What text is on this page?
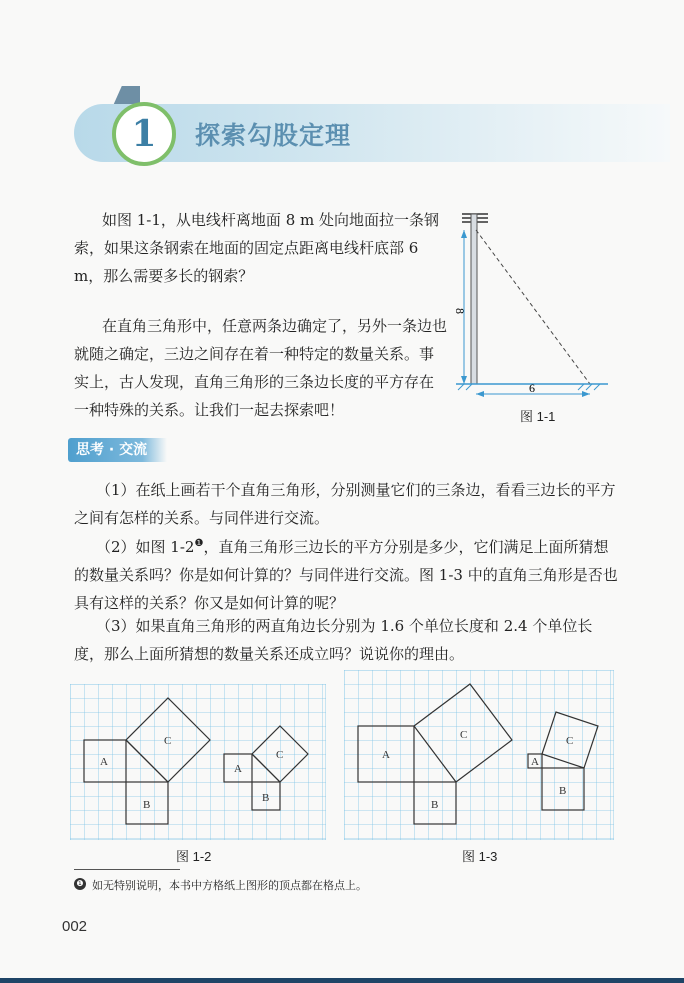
1	探索勾股定理
如图 1-1，从电线杆离地面 8 m 处向地面拉一条钢索，如果这条钢索在地面的固定点距离电线杆底部 6 m，那么需要多长的钢索？
在直角三角形中，任意两条边确定了，另外一条边也就随之确定，三边之间存在着一种特定的数量关系。事实上，古人发现，直角三角形的三条边长度的平方存在一种特殊的关系。让我们一起去探索吧！
8
6
图 1-1
思考 · 交流
（1）在纸上画若干个直角三角形，分别测量它们的三条边，看看三边长的平方之间有怎样的关系。与同伴进行交流。
（2）如图 $1-2^❶$，直角三角形三边长的平方分别是多少，它们满足上面所猜想的数量关系吗？你是如何计算的？与同伴进行交流。图 1-3 中的直角三角形是否也具有这样的关系？你又是如何计算的呢？
（3）如果直角三角形的两直角边长分别为 1.6 个单位长度和 2.4 个单位长度，那么上面所猜想的数量关系还成立吗？说说你的理由。
A
B
C
A
B
C
图 1-2
A
B
C
A
B
C
图 1-3
❶ 如无特别说明，本书中方格纸上图形的顶点都在格点上。
002
